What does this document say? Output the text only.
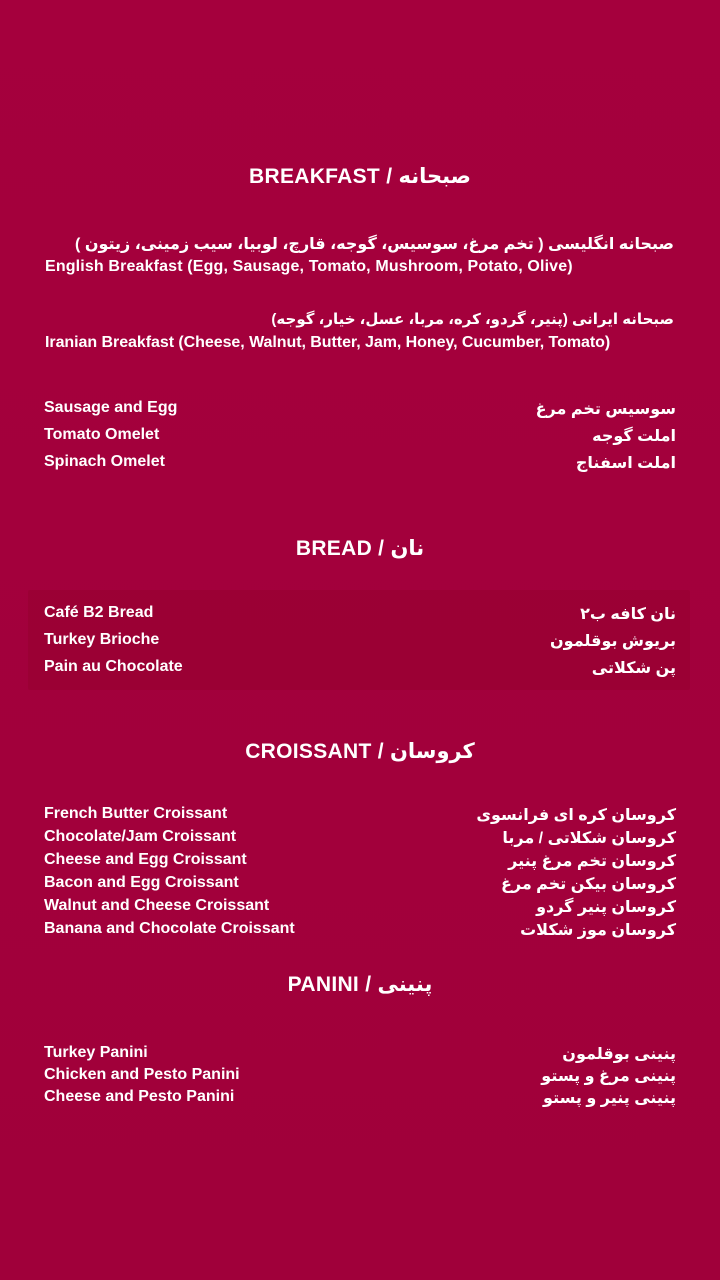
BREAKFAST / صبحانه
صبحانه انگلیسی ( تخم مرغ، سوسیس، گوجه، قارچ، لوبیا، سیب زمینی، زیتون )
English Breakfast (Egg, Sausage, Tomato, Mushroom, Potato, Olive)
صبحانه ایرانی (پنیر، گردو، کره، مربا، عسل، خیار، گوجه)
Iranian Breakfast (Cheese, Walnut, Butter, Jam, Honey, Cucumber, Tomato)
Sausage and Egg	سوسیس تخم مرغ
Tomato Omelet	املت گوجه
Spinach Omelet	املت اسفناج
BREAD / نان
Café B2 Bread	نان کافه ب۲
Turkey Brioche	بریوش بوقلمون
Pain au Chocolate	پن شکلاتی
CROISSANT / کروسان
French Butter Croissant	کروسان کره ای فرانسوی
Chocolate/Jam Croissant	کروسان شکلاتی / مربا
Cheese and Egg Croissant	کروسان تخم مرغ پنیر
Bacon and Egg Croissant	کروسان بیکن تخم مرغ
Walnut and Cheese Croissant	کروسان پنیر گردو
Banana and Chocolate Croissant	کروسان موز شکلات
PANINI / پنینی
Turkey Panini	پنینی بوقلمون
Chicken and Pesto Panini	پنینی مرغ و پستو
Cheese and Pesto Panini	پنینی پنیر و پستو
